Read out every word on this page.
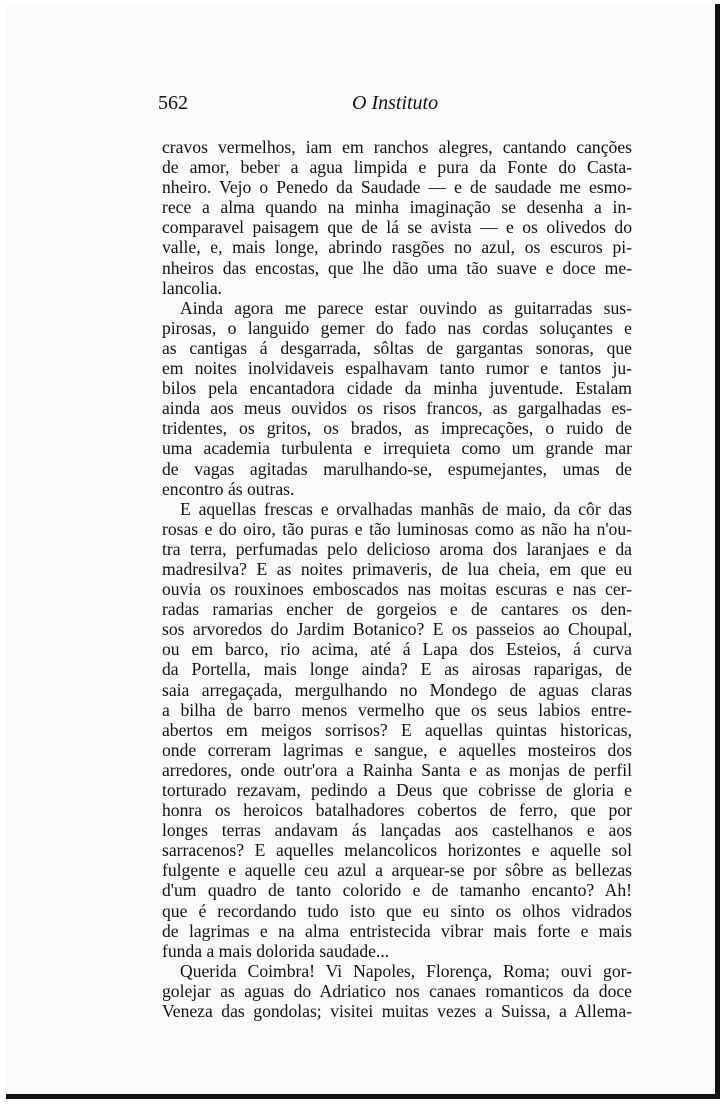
562	O Instituto
cravos vermelhos, iam em ranchos alegres, cantando canções
de amor, beber a agua limpida e pura da Fonte do Casta-
nheiro. Vejo o Penedo da Saudade — e de saudade me esmo-
rece a alma quando na minha imaginação se desenha a in-
comparavel paisagem que de lá se avista — e os olivedos do
valle, e, mais longe, abrindo rasgões no azul, os escuros pi-
nheiros das encostas, que lhe dão uma tão suave e doce me-
lancolia.
Ainda agora me parece estar ouvindo as guitarradas sus-
pirosas, o languido gemer do fado nas cordas soluçantes e
as cantigas á desgarrada, sôltas de gargantas sonoras, que
em noites inolvidaveis espalhavam tanto rumor e tantos ju-
bilos pela encantadora cidade da minha juventude. Estalam
ainda aos meus ouvidos os risos francos, as gargalhadas es-
tridentes, os gritos, os brados, as imprecações, o ruido de
uma academia turbulenta e irrequieta como um grande mar
de vagas agitadas marulhando-se, espumejantes, umas de
encontro ás outras.
E aquellas frescas e orvalhadas manhãs de maio, da côr das
rosas e do oiro, tão puras e tão luminosas como as não ha n'ou-
tra terra, perfumadas pelo delicioso aroma dos laranjaes e da
madresilva? E as noites primaveris, de lua cheia, em que eu
ouvia os rouxinoes emboscados nas moitas escuras e nas cer-
radas ramarias encher de gorgeios e de cantares os den-
sos arvoredos do Jardim Botanico? E os passeios ao Choupal,
ou em barco, rio acima, até á Lapa dos Esteios, á curva
da Portella, mais longe ainda? E as airosas raparigas, de
saia arregaçada, mergulhando no Mondego de aguas claras
a bilha de barro menos vermelho que os seus labios entre-
abertos em meigos sorrisos? E aquellas quintas historicas,
onde correram lagrimas e sangue, e aquelles mosteiros dos
arredores, onde outr'ora a Rainha Santa e as monjas de perfil
torturado rezavam, pedindo a Deus que cobrisse de gloria e
honra os heroicos batalhadores cobertos de ferro, que por
longes terras andavam ás lançadas aos castelhanos e aos
sarracenos? E aquelles melancolicos horizontes e aquelle sol
fulgente e aquelle ceu azul a arquear-se por sôbre as bellezas
d'um quadro de tanto colorido e de tamanho encanto? Ah!
que é recordando tudo isto que eu sinto os olhos vidrados
de lagrimas e na alma entristecida vibrar mais forte e mais
funda a mais dolorida saudade...
Querida Coimbra! Vi Napoles, Florença, Roma; ouvi gor-
golejar as aguas do Adriatico nos canaes romanticos da doce
Veneza das gondolas; visitei muitas vezes a Suissa, a Allema-
